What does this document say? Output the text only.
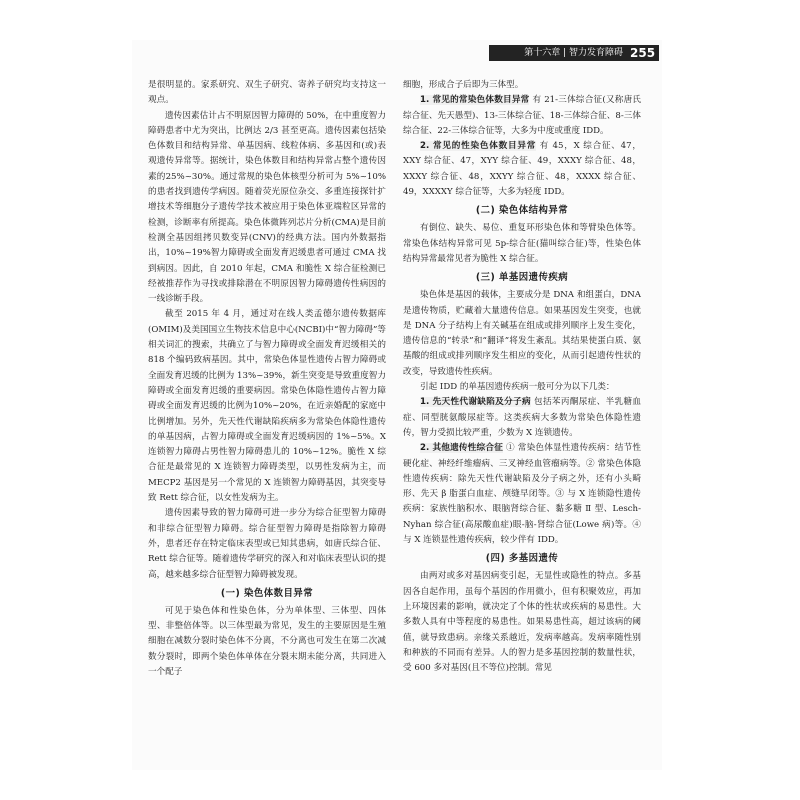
第十六章 | 智力发育障碍 255

是很明显的。家系研究、双生子研究、寄养子研究均支持这一观点。

遗传因素估计占不明原因智力障碍的 50%，在中重度智力障碍患者中尤为突出，比例达 2/3 甚至更高。遗传因素包括染色体数目和结构异常、单基因病、线粒体病、多基因和(或)表观遗传异常等。据统计，染色体数目和结构异常占整个遗传因素的25%~30%。通过常规的染色体核型分析可为 5%~10%的患者找到遗传学病因。随着荧光原位杂交、多重连接探针扩增技术等细胞分子遗传学技术被应用于染色体亚端粒区异常的检测，诊断率有所提高。染色体微阵列芯片分析(CMA)是目前检测全基因组拷贝数变异(CNV)的经典方法。国内外数据指出，10%~19%智力障碍或全面发育迟缓患者可通过 CMA 找到病因。因此，自 2010 年起，CMA 和脆性 X 综合征检测已经被推荐作为寻找或排除潜在不明原因智力障碍遗传性病因的一线诊断手段。

截至 2015 年 4 月，通过对在线人类孟德尔遗传数据库(OMIM)及美国国立生物技术信息中心(NCBI)中“智力障碍”等相关词汇的搜索，共确立了与智力障碍或全面发育迟缓相关的 818 个编码致病基因。其中，常染色体显性遗传占智力障碍或全面发育迟缓的比例为 13%~39%，新生突变是导致重度智力障碍或全面发育迟缓的重要病因。常染色体隐性遗传占智力障碍或全面发育迟缓的比例为10%~20%，在近亲婚配的家庭中比例增加。另外，先天性代谢缺陷疾病多为常染色体隐性遗传的单基因病，占智力障碍或全面发育迟缓病因的 1%~5%。X 连锁智力障碍占男性智力障碍患儿的 10%~12%。脆性 X 综合征是最常见的 X 连锁智力障碍类型，以男性发病为主，而 MECP2 基因是另一个常见的 X 连锁智力障碍基因，其突变导致 Rett 综合征，以女性发病为主。

遗传因素导致的智力障碍可进一步分为综合征型智力障碍和非综合征型智力障碍。综合征型智力障碍是指除智力障碍外，患者还存在特定临床表型或已知其患病，如唐氏综合征、Rett 综合征等。随着遗传学研究的深入和对临床表型认识的提高，越来越多综合征型智力障碍被发现。

(一) 染色体数目异常

可见于染色体和性染色体，分为单体型、三体型、四体型、非整倍体等。以三体型最为常见，发生的主要原因是生殖细胞在减数分裂时染色体不分离，不分离也可发生在第二次减数分裂时，即两个染色体单体在分裂末期未能分离，共同进入一个配子

细胞，形成合子后即为三体型。

1. 常见的常染色体数目异常 有 21-三体综合征(又称唐氏综合征、先天愚型)、13-三体综合征、18-三体综合征、8-三体综合征、22-三体综合征等，大多为中度或重度 IDD。

2. 常见的性染色体数目异常 有 45，X 综合征、47，XXY 综合征、47，XYY 综合征、49，XXXY 综合征、48，XXXY 综合征、48，XXYY 综合征、48，XXXX 综合征、49，XXXXY 综合征等，大多为轻度 IDD。

(二) 染色体结构异常

有倒位、缺失、易位、重复环形染色体和等臂染色体等。常染色体结构异常可见 5p-综合征(猫叫综合征)等，性染色体结构异常最常见者为脆性 X 综合征。

(三) 单基因遗传疾病

染色体是基因的载体，主要成分是 DNA 和组蛋白，DNA 是遗传物质，贮藏着大量遗传信息。如果基因发生突变，也就是 DNA 分子结构上有关碱基在组成或排列顺序上发生变化，遗传信息的“转录”和“翻译”将发生紊乱。其结果使蛋白质、氨基酸的组成或排列顺序发生相应的变化，从而引起遗传性状的改变，导致遗传性疾病。

引起 IDD 的单基因遗传疾病一般可分为以下几类：

1. 先天性代谢缺陷及分子病 包括苯丙酮尿症、半乳糖血症、同型胱氨酸尿症等。这类疾病大多数为常染色体隐性遗传，智力受损比较严重，少数为 X 连锁遗传。

2. 其他遗传性综合征 ① 常染色体显性遗传疾病：结节性硬化症、神经纤维瘤病、三叉神经血管瘤病等。② 常染色体隐性遗传疾病：除先天性代谢缺陷及分子病之外，还有小头畸形、先天 β 脂蛋白血症、颅缝早闭等。③ 与 X 连锁隐性遗传疾病：家族性脑积水、眼脑肾综合征、黏多糖 Ⅱ 型、Lesch-Nyhan 综合征(高尿酸血症)眼-脑-肾综合征(Lowe 病)等。④ 与 X 连锁显性遗传疾病，较少伴有 IDD。

(四) 多基因遗传

由两对或多对基因病变引起，无显性或隐性的特点。多基因各自起作用，虽每个基因的作用微小，但有积聚效应，再加上环境因素的影响，就决定了个体的性状或疾病的易患性。大多数人具有中等程度的易患性。如果易患性高，超过该病的阈值，就导致患病。亲缘关系越近，发病率越高。发病率随性别和种族的不同而有差异。人的智力是多基因控制的数量性状，受 600 多对基因(且不等位)控制。常见
